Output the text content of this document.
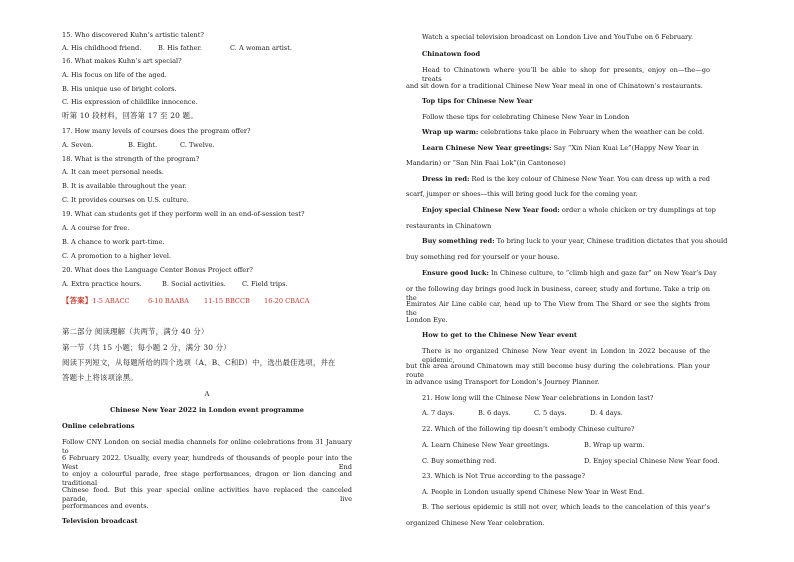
15. Who discovered Kuhn’s artistic talent?
A. His childhood friend.	B. His father.	C. A woman artist.
16. What makes Kuhn’s art special?
A. His focus on life of the aged.
B. His unique use of bright colors.
C. His expression of childlike innocence.
听第 10 段材料，回答第 17 至 20 题。
17. How many levels of courses does the program offer?
A. Seven.	B. Eight.	C. Twelve.
18. What is the strength of the program?
A. It can meet personal needs.
B. It is available throughout the year.
C. It provides courses on U.S. culture.
19. What can students get if they perform well in an end-of-session test?
A. A course for free.
B. A chance to work part-time.
C. A promotion to a higher level.
20. What does the Language Center Bonus Project offer?
A. Extra practice hours.	B. Social activities. C. Field trips.
【答案】1-5 ABACC	6-10 BAABA 11-15 BBCCB 16-20 CBACA
第二部分 阅读理解（共两节，满分 40 分）
第一节（共 15 小题；每小题 2 分，满分 30 分）
阅读下列短文，从每题所给的四个选项（A、B、C和D）中，选出最佳选项，并在
答题卡上将该项涂黑。
A
Chinese New Year 2022 in London event programme
Online celebrations
Follow CNY London on social media channels for online celebrations from 31 January to
6 February 2022. Usually, every year, hundreds of thousands of people pour into the West End
to enjoy a colourful parade, free stage performances, dragon or lion dancing and traditional
Chinese food. But this year special online activities have replaced the canceled parade, live
performances and events.
Television broadcast
Watch a special television broadcast on London Live and YouTube on 6 February.
Chinatown food
Head to Chinatown where you’ll be able to shop for presents, enjoy on—the—go treats
and sit down for a traditional Chinese New Year meal in one of Chinatown’s restaurants.
Top tips for Chinese New Year
Follow these tips for celebrating Chinese New Year in London
Wrap up warm: celebrations take place in February when the weather can be cold.
Learn Chinese New Year greetings: Say “Xin Nian Kuai Le”(Happy New Year in
Mandarin) or “San Nin Faai Lok”(in Cantonese)
Dress in red: Red is the key colour of Chinese New Year. You can dress up with a red
scarf, jumper or shoes—this will bring good luck for the coming year.
Enjoy special Chinese New Year food: order a whole chicken or try dumplings at top
restaurants in Chinatown
Buy something red: To bring luck to your year, Chinese tradition dictates that you should
buy something red for yourself or your house.
Ensure good luck: In Chinese culture, to “climb high and gaze far” on New Year’s Day
or the following day brings good luck in business, career, study and fortune. Take a trip on the
Emirates Air Line cable car, head up to The View from The Shard or see the sights from the
London Eye.
How to get to the Chinese New Year event
There is no organized Chinese New Year event in London in 2022 because of the epidemic,
but the area around Chinatown may still become busy during the celebrations. Plan your route
in advance using Transport for London’s Journey Planner.
21. How long will the Chinese New Year celebrations in London last?
A. 7 days.	B. 6 days.	C. 5 days.	D. 4 days.
22. Which of the following tip doesn’t embody Chinese culture?
A. Learn Chinese New Year greetings.	B. Wrap up warm.
C. Buy something red.	D. Enjoy special Chinese New Year food.
23. Which is Not True according to the passage?
A. People in London usually spend Chinese New Year in West End.
B. The serious epidemic is still not over, which leads to the cancelation of this year’s
organized Chinese New Year celebration.
